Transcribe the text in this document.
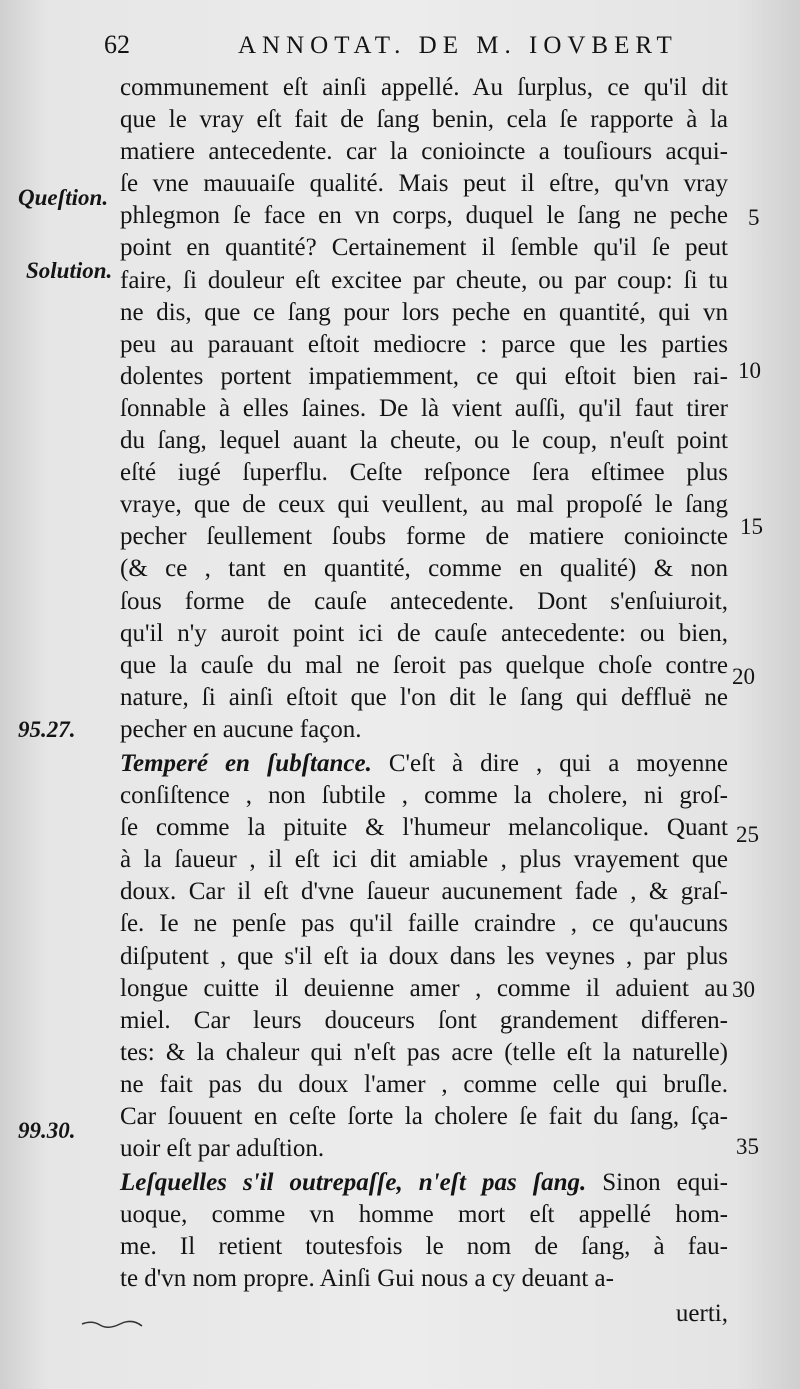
62	ANNOTAT. DE M. IOVBERT
Queſtion.
Solution.
95.27.
99.30.
5
10
15
20
25
30
35
communement eſt ainſi appellé. Au ſurplus, ce qu'il dit
que le vray eſt fait de ſang benin, cela ſe rapporte à la
matiere antecedente. car la conioincte a touſiours acqui-
ſe vne mauuaiſe qualité. Mais peut il eſtre, qu'vn vray
phlegmon ſe face en vn corps, duquel le ſang ne peche
point en quantité? Certainement il ſemble qu'il ſe peut
faire, ſi douleur eſt excitee par cheute, ou par coup: ſi tu
ne dis, que ce ſang pour lors peche en quantité, qui vn
peu au parauant eſtoit mediocre : parce que les parties
dolentes portent impatiemment, ce qui eſtoit bien rai-
ſonnable à elles ſaines. De là vient auſſi, qu'il faut tirer
du ſang, lequel auant la cheute, ou le coup, n'euſt point
eſté iugé ſuperflu. Ceſte reſponce ſera eſtimee plus
vraye, que de ceux qui veullent, au mal propoſé le ſang
pecher ſeullement ſoubs forme de matiere conioincte
(& ce , tant en quantité, comme en qualité) & non
ſous forme de cauſe antecedente. Dont s'enſuiuroit,
qu'il n'y auroit point ici de cauſe antecedente: ou bien,
que la cauſe du mal ne ſeroit pas quelque choſe contre
nature, ſi ainſi eſtoit que l'on dit le ſang qui deffluë ne
pecher en aucune façon.
Temperé en ſubſtance. C'eſt à dire , qui a moyenne
conſiſtence , non ſubtile , comme la cholere, ni groſ-
ſe comme la pituite & l'humeur melancolique. Quant
à la ſaueur , il eſt ici dit amiable , plus vrayement que
doux. Car il eſt d'vne ſaueur aucunement fade , & graſ-
ſe. Ie ne penſe pas qu'il faille craindre , ce qu'aucuns
diſputent , que s'il eſt ia doux dans les veynes , par plus
longue cuitte il deuienne amer , comme il aduient au
miel. Car leurs douceurs ſont grandement differen-
tes: & la chaleur qui n'eſt pas acre (telle eſt la naturelle)
ne fait pas du doux l'amer , comme celle qui bruſle.
Car ſouuent en ceſte ſorte la cholere ſe fait du ſang, ſça-
uoir eſt par aduſtion.
Leſquelles s'il outrepaſſe, n'eſt pas ſang. Sinon equi-
uoque, comme vn homme mort eſt appellé hom-
me. Il retient toutesfois le nom de ſang, à fau-
te d'vn nom propre. Ainſi Gui nous a cy deuant a-
uerti,
